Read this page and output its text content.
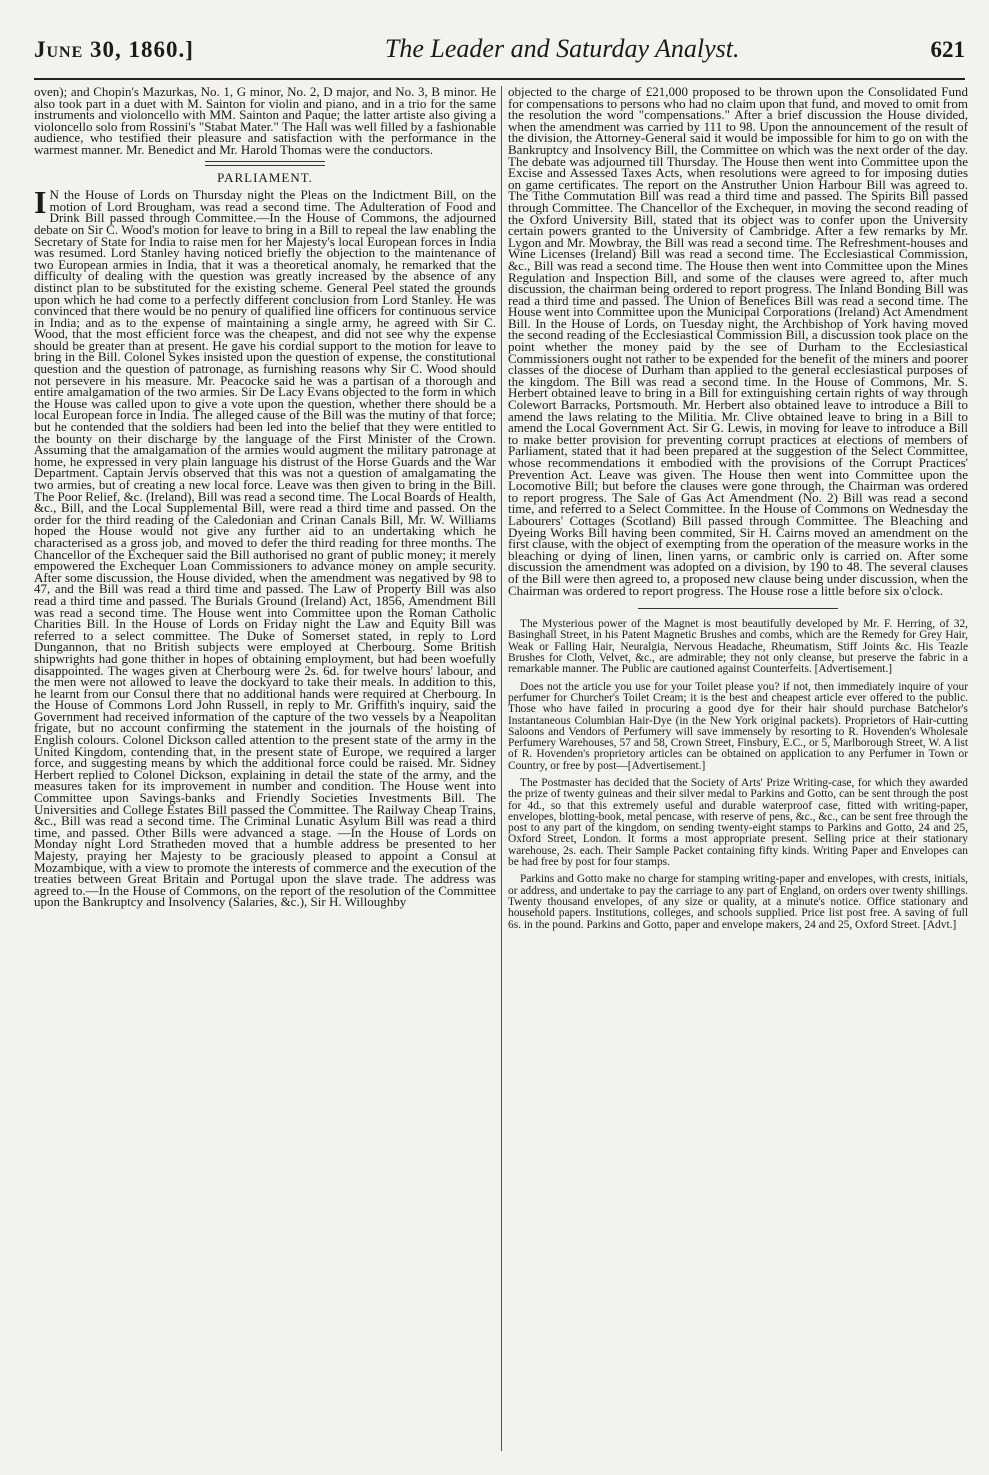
June 30, 1860.]	The Leader and Saturday Analyst.	621

oven); and Chopin's Mazurkas, No. 1, G minor, No. 2, D major, and No. 3, B minor. He also took part in a duet with M. Sainton for violin and piano, and in a trio for the same instruments and violoncello with MM. Sainton and Paque; the latter artiste also giving a violoncello solo from Rossini's "Stabat Mater." The Hall was well filled by a fashionable audience, who testified their pleasure and satisfaction with the performance in the warmest manner. Mr. Benedict and Mr. Harold Thomas were the conductors.

PARLIAMENT.

I N the House of Lords on Thursday night the Pleas on the Indictment Bill, on the motion of Lord Brougham, was read a second time. The Adulteration of Food and Drink Bill passed through Committee.—In the House of Commons, the adjourned debate on Sir C. Wood's motion for leave to bring in a Bill to repeal the law enabling the Secretary of State for India to raise men for her Majesty's local European forces in India was resumed. Lord Stanley having noticed briefly the objection to the maintenance of two European armies in India, that it was a theoretical anomaly, he remarked that the difficulty of dealing with the question was greatly increased by the absence of any distinct plan to be substituted for the existing scheme. General Peel stated the grounds upon which he had come to a perfectly different conclusion from Lord Stanley. He was convinced that there would be no penury of qualified line officers for continuous service in India; and as to the expense of maintaining a single army, he agreed with Sir C. Wood, that the most efficient force was the cheapest, and did not see why the expense should be greater than at present. He gave his cordial support to the motion for leave to bring in the Bill. Colonel Sykes insisted upon the question of expense, the constitutional question and the question of patronage, as furnishing reasons why Sir C. Wood should not persevere in his measure. Mr. Peacocke said he was a partisan of a thorough and entire amalgamation of the two armies. Sir De Lacy Evans objected to the form in which the House was called upon to give a vote upon the question, whether there should be a local European force in India. The alleged cause of the Bill was the mutiny of that force; but he contended that the soldiers had been led into the belief that they were entitled to the bounty on their discharge by the language of the First Minister of the Crown. Assuming that the amalgamation of the armies would augment the military patronage at home, he expressed in very plain language his distrust of the Horse Guards and the War Department. Captain Jervis observed that this was not a question of amalgamating the two armies, but of creating a new local force. Leave was then given to bring in the Bill. The Poor Relief, &c. (Ireland), Bill was read a second time. The Local Boards of Health, &c., Bill, and the Local Supplemental Bill, were read a third time and passed. On the order for the third reading of the Caledonian and Crinan Canals Bill, Mr. W. Williams hoped the House would not give any further aid to an undertaking which he characterised as a gross job, and moved to defer the third reading for three months. The Chancellor of the Exchequer said the Bill authorised no grant of public money; it merely empowered the Exchequer Loan Commissioners to advance money on ample security. After some discussion, the House divided, when the amendment was negatived by 98 to 47, and the Bill was read a third time and passed. The Law of Property Bill was also read a third time and passed. The Burials Ground (Ireland) Act, 1856, Amendment Bill was read a second time. The House went into Committee upon the Roman Catholic Charities Bill. In the House of Lords on Friday night the Law and Equity Bill was referred to a select committee. The Duke of Somerset stated, in reply to Lord Dungannon, that no British subjects were employed at Cherbourg. Some British shipwrights had gone thither in hopes of obtaining employment, but had been woefully disappointed. The wages given at Cherbourg were 2s. 6d. for twelve hours' labour, and the men were not allowed to leave the dockyard to take their meals. In addition to this, he learnt from our Consul there that no additional hands were required at Cherbourg. In the House of Commons Lord John Russell, in reply to Mr. Griffith's inquiry, said the Government had received information of the capture of the two vessels by a Neapolitan frigate, but no account confirming the statement in the journals of the hoisting of English colours. Colonel Dickson called attention to the present state of the army in the United Kingdom, contending that, in the present state of Europe, we required a larger force, and suggesting means by which the additional force could be raised. Mr. Sidney Herbert replied to Colonel Dickson, explaining in detail the state of the army, and the measures taken for its improvement in number and condition. The House went into Committee upon Savings-banks and Friendly Societies Investments Bill. The Universities and College Estates Bill passed the Committee. The Railway Cheap Trains, &c., Bill was read a second time. The Criminal Lunatic Asylum Bill was read a third time, and passed. Other Bills were advanced a stage. —In the House of Lords on Monday night Lord Stratheden moved that a humble address be presented to her Majesty, praying her Majesty to be graciously pleased to appoint a Consul at Mozambique, with a view to promote the interests of commerce and the execution of the treaties between Great Britain and Portugal upon the slave trade. The address was agreed to.—In the House of Commons, on the report of the resolution of the Committee upon the Bankruptcy and Insolvency (Salaries, &c.), Sir H. Willoughby

objected to the charge of £21,000 proposed to be thrown upon the Consolidated Fund for compensations to persons who had no claim upon that fund, and moved to omit from the resolution the word "compensations." After a brief discussion the House divided, when the amendment was carried by 111 to 98. Upon the announcement of the result of the division, the Attorney-General said it would be impossible for him to go on with the Bankruptcy and Insolvency Bill, the Committee on which was the next order of the day. The debate was adjourned till Thursday. The House then went into Committee upon the Excise and Assessed Taxes Acts, when resolutions were agreed to for imposing duties on game certificates. The report on the Anstruther Union Harbour Bill was agreed to. The Tithe Commutation Bill was read a third time and passed. The Spirits Bill passed through Committee. The Chancellor of the Exchequer, in moving the second reading of the Oxford University Bill, stated that its object was to confer upon the University certain powers granted to the University of Cambridge. After a few remarks by Mr. Lygon and Mr. Mowbray, the Bill was read a second time. The Refreshment-houses and Wine Licenses (Ireland) Bill was read a second time. The Ecclesiastical Commission, &c., Bill was read a second time. The House then went into Committee upon the Mines Regulation and Inspection Bill, and some of the clauses were agreed to, after much discussion, the chairman being ordered to report progress. The Inland Bonding Bill was read a third time and passed. The Union of Benefices Bill was read a second time. The House went into Committee upon the Municipal Corporations (Ireland) Act Amendment Bill. In the House of Lords, on Tuesday night, the Archbishop of York having moved the second reading of the Ecclesiastical Commission Bill, a discussion took place on the point whether the money paid by the see of Durham to the Ecclesiastical Commissioners ought not rather to be expended for the benefit of the miners and poorer classes of the diocese of Durham than applied to the general ecclesiastical purposes of the kingdom. The Bill was read a second time. In the House of Commons, Mr. S. Herbert obtained leave to bring in a Bill for extinguishing certain rights of way through Colewort Barracks, Portsmouth. Mr. Herbert also obtained leave to introduce a Bill to amend the laws relating to the Militia. Mr. Clive obtained leave to bring in a Bill to amend the Local Government Act. Sir G. Lewis, in moving for leave to introduce a Bill to make better provision for preventing corrupt practices at elections of members of Parliament, stated that it had been prepared at the suggestion of the Select Committee, whose recommendations it embodied with the provisions of the Corrupt Practices' Prevention Act. Leave was given. The House then went into Committee upon the Locomotive Bill; but before the clauses were gone through, the Chairman was ordered to report progress. The Sale of Gas Act Amendment (No. 2) Bill was read a second time, and referred to a Select Committee. In the House of Commons on Wednesday the Labourers' Cottages (Scotland) Bill passed through Committee. The Bleaching and Dyeing Works Bill having been commited, Sir H. Cairns moved an amendment on the first clause, with the object of exempting from the operation of the measure works in the bleaching or dying of linen, linen yarns, or cambric only is carried on. After some discussion the amendment was adopted on a division, by 190 to 48. The several clauses of the Bill were then agreed to, a proposed new clause being under discussion, when the Chairman was ordered to report progress. The House rose a little before six o'clock.

The Mysterious power of the Magnet is most beautifully developed by Mr. F. Herring, of 32, Basinghall Street, in his Patent Magnetic Brushes and combs, which are the Remedy for Grey Hair, Weak or Falling Hair, Neuralgia, Nervous Headache, Rheumatism, Stiff Joints &c. His Teazle Brushes for Cloth, Velvet, &c., are admirable; they not only cleanse, but preserve the fabric in a remarkable manner. The Public are cautioned against Counterfeits. [Advertisement.]

Does not the article you use for your Toilet please you? if not, then immediately inquire of your perfumer for Churcher's Toilet Cream; it is the best and cheapest article ever offered to the public. Those who have failed in procuring a good dye for their hair should purchase Batchelor's Instantaneous Columbian Hair-Dye (in the New York original packets). Proprietors of Hair-cutting Saloons and Vendors of Perfumery will save immensely by resorting to R. Hovenden's Wholesale Perfumery Warehouses, 57 and 58, Crown Street, Finsbury, E.C., or 5, Marlborough Street, W. A list of R. Hovenden's proprietory articles can be obtained on application to any Perfumer in Town or Country, or free by post—[Advertisement.]

The Postmaster has decided that the Society of Arts' Prize Writing-case, for which they awarded the prize of twenty guineas and their silver medal to Parkins and Gotto, can be sent through the post for 4d., so that this extremely useful and durable waterproof case, fitted with writing-paper, envelopes, blotting-book, metal pencase, with reserve of pens, &c., &c., can be sent free through the post to any part of the kingdom, on sending twenty-eight stamps to Parkins and Gotto, 24 and 25, Oxford Street, London. It forms a most appropriate present. Selling price at their stationary warehouse, 2s. each. Their Sample Packet containing fifty kinds. Writing Paper and Envelopes can be had free by post for four stamps.

Parkins and Gotto make no charge for stamping writing-paper and envelopes, with crests, initials, or address, and undertake to pay the carriage to any part of England, on orders over twenty shillings. Twenty thousand envelopes, of any size or quality, at a minute's notice. Office stationary and household papers. Institutions, colleges, and schools supplied. Price list post free. A saving of full 6s. in the pound. Parkins and Gotto, paper and envelope makers, 24 and 25, Oxford Street. [Advt.]
